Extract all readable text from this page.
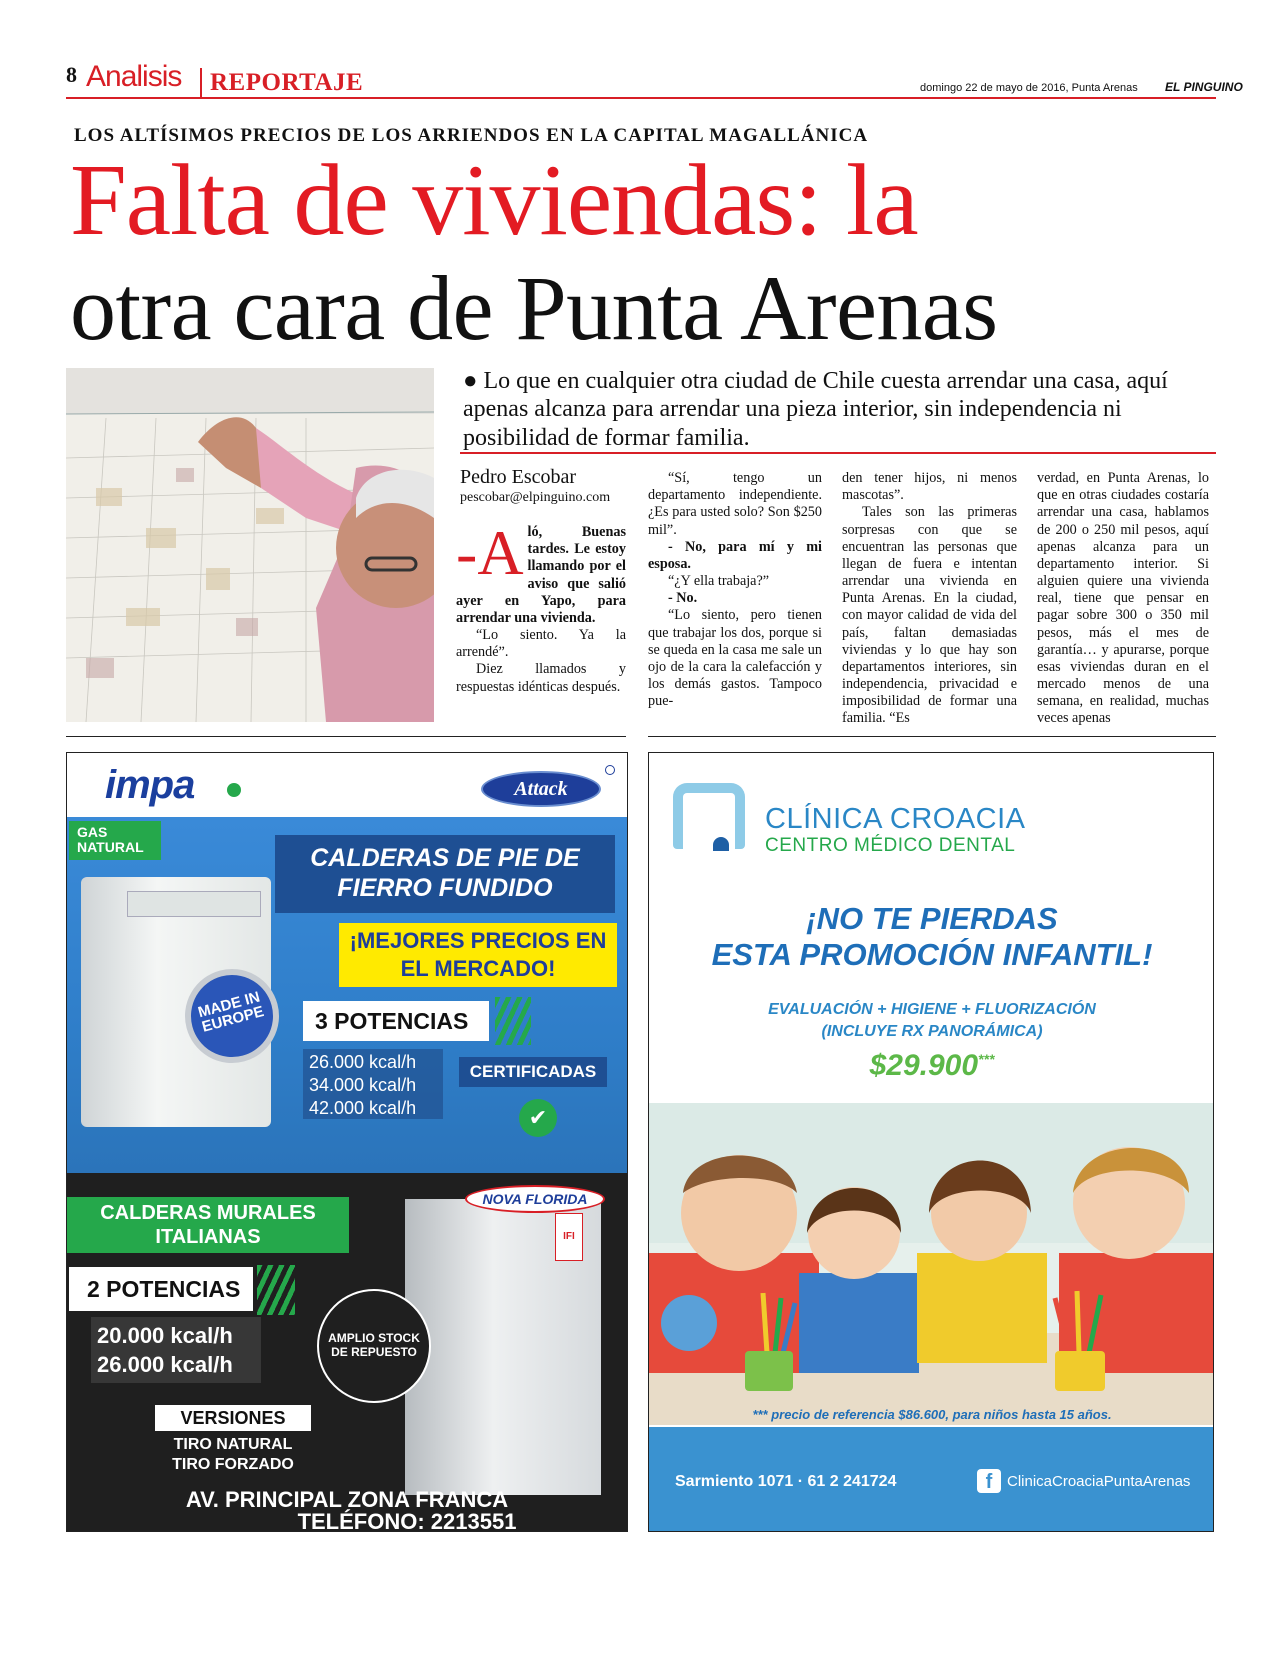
8 Analisis	REPORTAJE	domingo 22 de mayo de 2016, Punta Arenas EL PINGUINO
LOS ALTÍSIMOS PRECIOS DE LOS ARRIENDOS EN LA CAPITAL MAGALLÁNICA
Falta de viviendas: la
otra cara de Punta Arenas
● Lo que en cualquier otra ciudad de Chile cuesta arrendar una casa, aquí apenas alcanza para arrendar una pieza interior, sin independencia ni posibilidad de formar familia.
Pedro Escobar
pescobar@elpinguino.com

-A ló, Buenas tardes. Le estoy llamando por el aviso que salió ayer en Yapo, para arrendar una vivienda.

“Lo siento. Ya la arrendé”.

Diez llamados y respuestas idénticas después.

“Sí, tengo un departamento independiente. ¿Es para usted solo? Son $250 mil”.

- No, para mí y mi esposa.

“¿Y ella trabaja?”

- No.

“Lo siento, pero tienen que trabajar los dos, porque si se queda en la casa me sale un ojo de la cara la calefacción y los demás gastos. Tampoco pue-

den tener hijos, ni menos mascotas”.

Tales son las primeras sorpresas con que se encuentran las personas que llegan de fuera e intentan arrendar una vivienda en Punta Arenas. En la ciudad, con mayor calidad de vida del país, faltan demasiadas viviendas y lo que hay son departamentos interiores, sin independencia, privacidad e imposibilidad de formar una familia. “Es

verdad, en Punta Arenas, lo que en otras ciudades costaría arrendar una casa, hablamos de 200 o 250 mil pesos, aquí apenas alcanza para un departamento interior. Si alguien quiere una vivienda real, tiene que pensar en pagar sobre 300 o 350 mil pesos, más el mes de garantía… y apurarse, porque esas viviendas duran en el mercado menos de una semana, en realidad, muchas veces apenas

impa	Attack
GAS NATURAL
MADE IN EUROPE
CALDERAS DE PIE DE FIERRO FUNDIDO
¡MEJORES PRECIOS EN EL MERCADO!
3 POTENCIAS
26.000 kcal/h
34.000 kcal/h
42.000 kcal/h
CERTIFICADAS
✔
IFI
NOVA FLORIDA
CALDERAS MURALES ITALIANAS
2 POTENCIAS
20.000 kcal/h
26.000 kcal/h
AMPLIO STOCK DE REPUESTO
VERSIONES
TIRO NATURAL
TIRO FORZADO
AV. PRINCIPAL ZONA FRANCA
TELÉFONO: 2213551
CLÍNICA CROACIA
CENTRO MÉDICO DENTAL
¡NO TE PIERDAS
ESTA PROMOCIÓN INFANTIL!
EVALUACIÓN + HIGIENE + FLUORIZACIÓN
(INCLUYE RX PANORÁMICA)
$29.900***
*** precio de referencia $86.600, para niños hasta 15 años.
Sarmiento 1071 · 61 2 241724	f ClinicaCroaciaPuntaArenas
